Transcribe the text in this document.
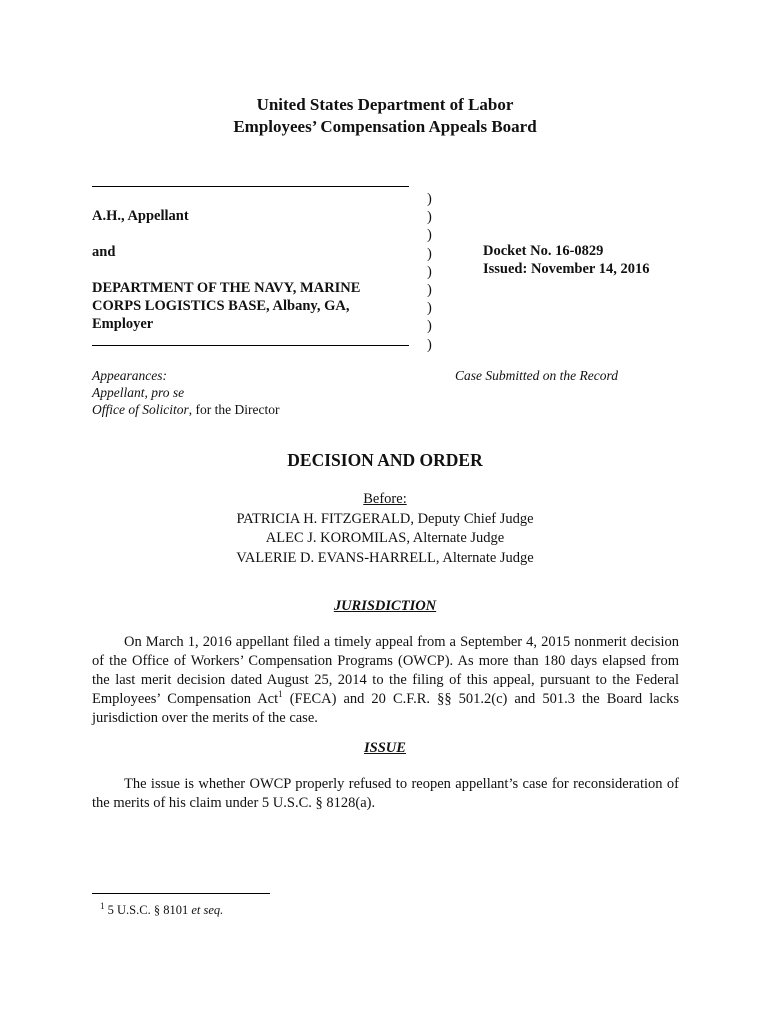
United States Department of Labor
Employees’ Compensation Appeals Board
A.H., Appellant
and
DEPARTMENT OF THE NAVY, MARINE
CORPS LOGISTICS BASE, Albany, GA,
Employer
)
)
)
)
)
)
)
)
)
Docket No. 16-0829
Issued: November 14, 2016
Appearances:
Appellant, pro se
Office of Solicitor, for the Director
Case Submitted on the Record
DECISION AND ORDER
Before:
PATRICIA H. FITZGERALD, Deputy Chief Judge
ALEC J. KOROMILAS, Alternate Judge
VALERIE D. EVANS-HARRELL, Alternate Judge
JURISDICTION
On March 1, 2016 appellant filed a timely appeal from a September 4, 2015 nonmerit decision of the Office of Workers’ Compensation Programs (OWCP). As more than 180 days elapsed from the last merit decision dated August 25, 2014 to the filing of this appeal, pursuant to the Federal Employees’ Compensation Act$^1$ (FECA) and 20 C.F.R. §§ 501.2(c) and 501.3 the Board lacks jurisdiction over the merits of the case.
ISSUE
The issue is whether OWCP properly refused to reopen appellant’s case for reconsideration of the merits of his claim under 5 U.S.C. § 8128(a).
$^1$ 5 U.S.C. § 8101 et seq.
